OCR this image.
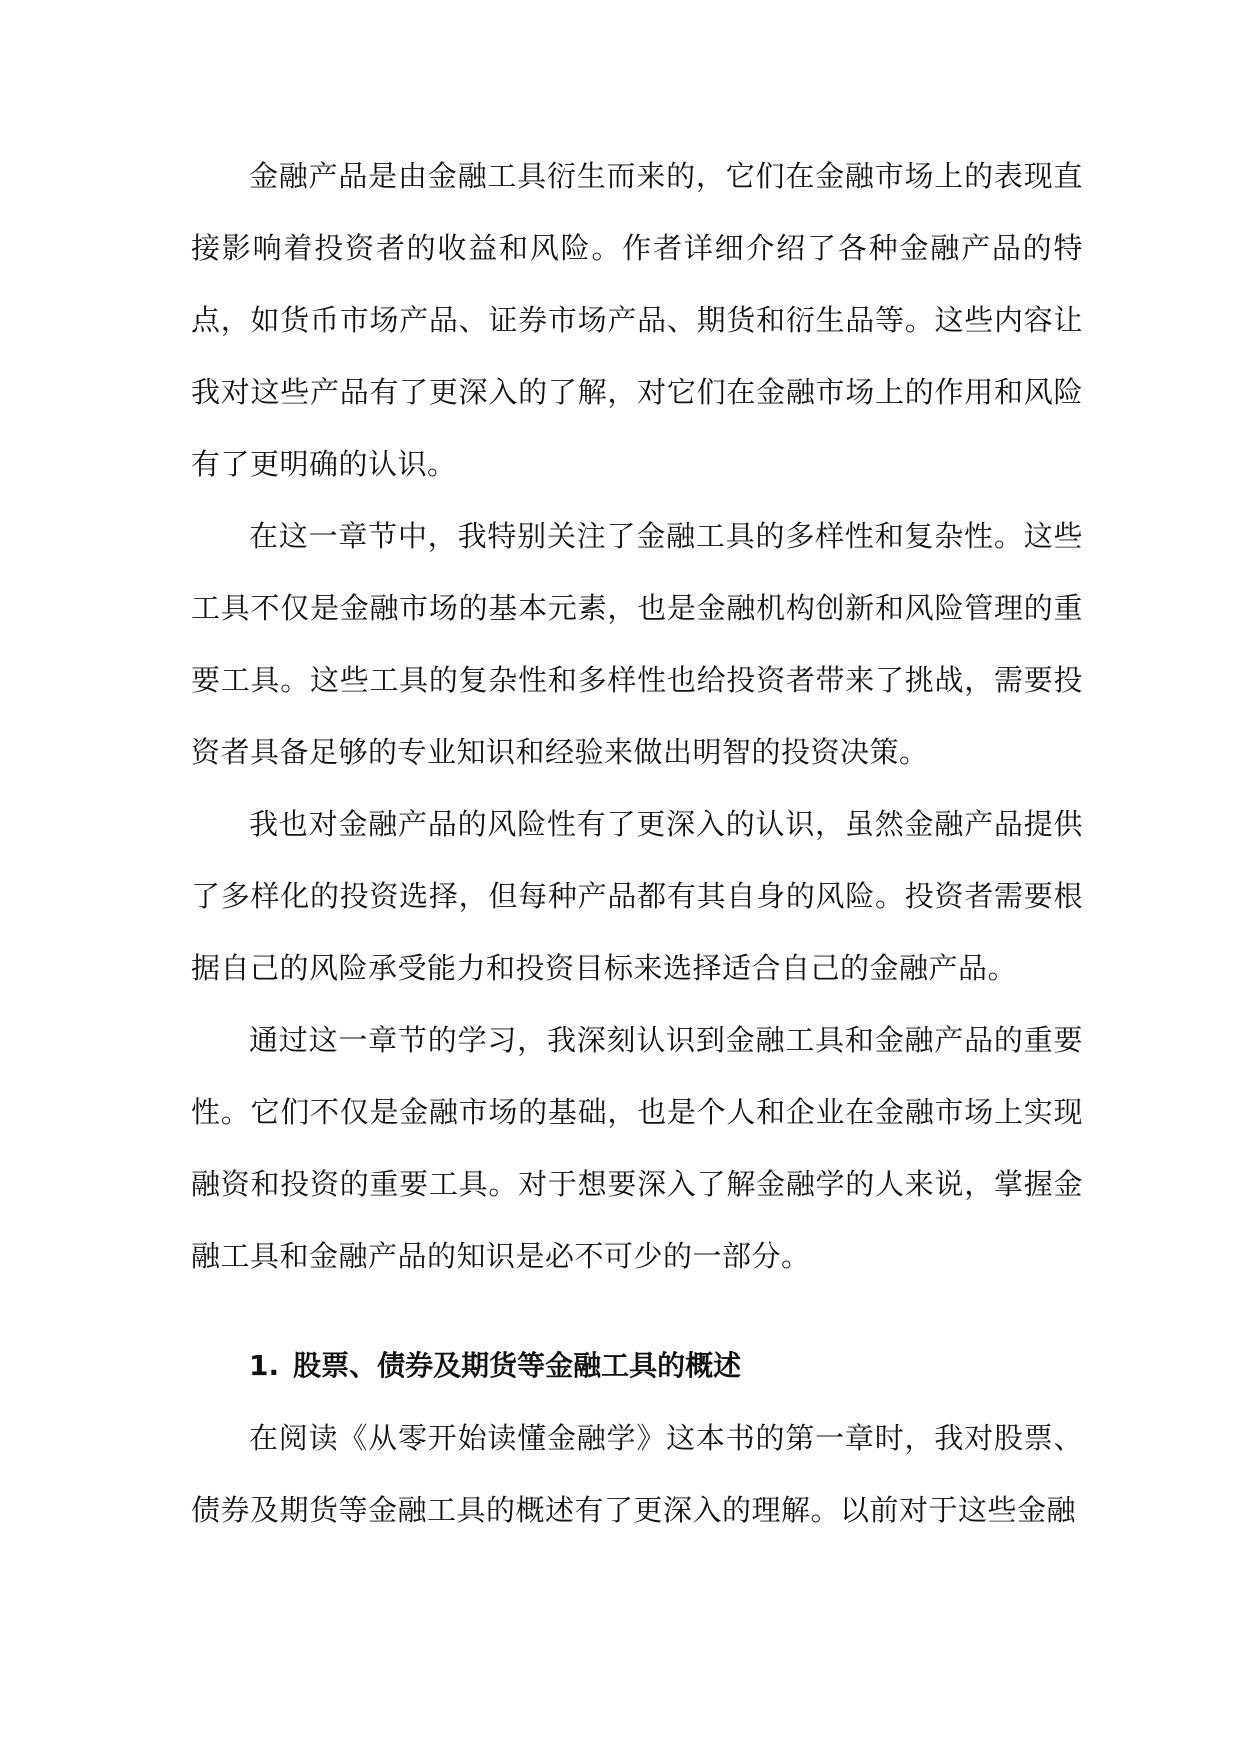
金融产品是由金融工具衍生而来的，它们在金融市场上的表现直接影响着投资者的收益和风险。作者详细介绍了各种金融产品的特点，如货币市场产品、证券市场产品、期货和衍生品等。这些内容让我对这些产品有了更深入的了解，对它们在金融市场上的作用和风险有了更明确的认识。

在这一章节中，我特别关注了金融工具的多样性和复杂性。这些工具不仅是金融市场的基本元素，也是金融机构创新和风险管理的重要工具。这些工具的复杂性和多样性也给投资者带来了挑战，需要投资者具备足够的专业知识和经验来做出明智的投资决策。

我也对金融产品的风险性有了更深入的认识，虽然金融产品提供了多样化的投资选择，但每种产品都有其自身的风险。投资者需要根据自己的风险承受能力和投资目标来选择适合自己的金融产品。

通过这一章节的学习，我深刻认识到金融工具和金融产品的重要性。它们不仅是金融市场的基础，也是个人和企业在金融市场上实现融资和投资的重要工具。对于想要深入了解金融学的人来说，掌握金融工具和金融产品的知识是必不可少的一部分。

1. 股票、债券及期货等金融工具的概述

在阅读《从零开始读懂金融学》这本书的第一章时，我对股票、债券及期货等金融工具的概述有了更深入的理解。以前对于这些金融
